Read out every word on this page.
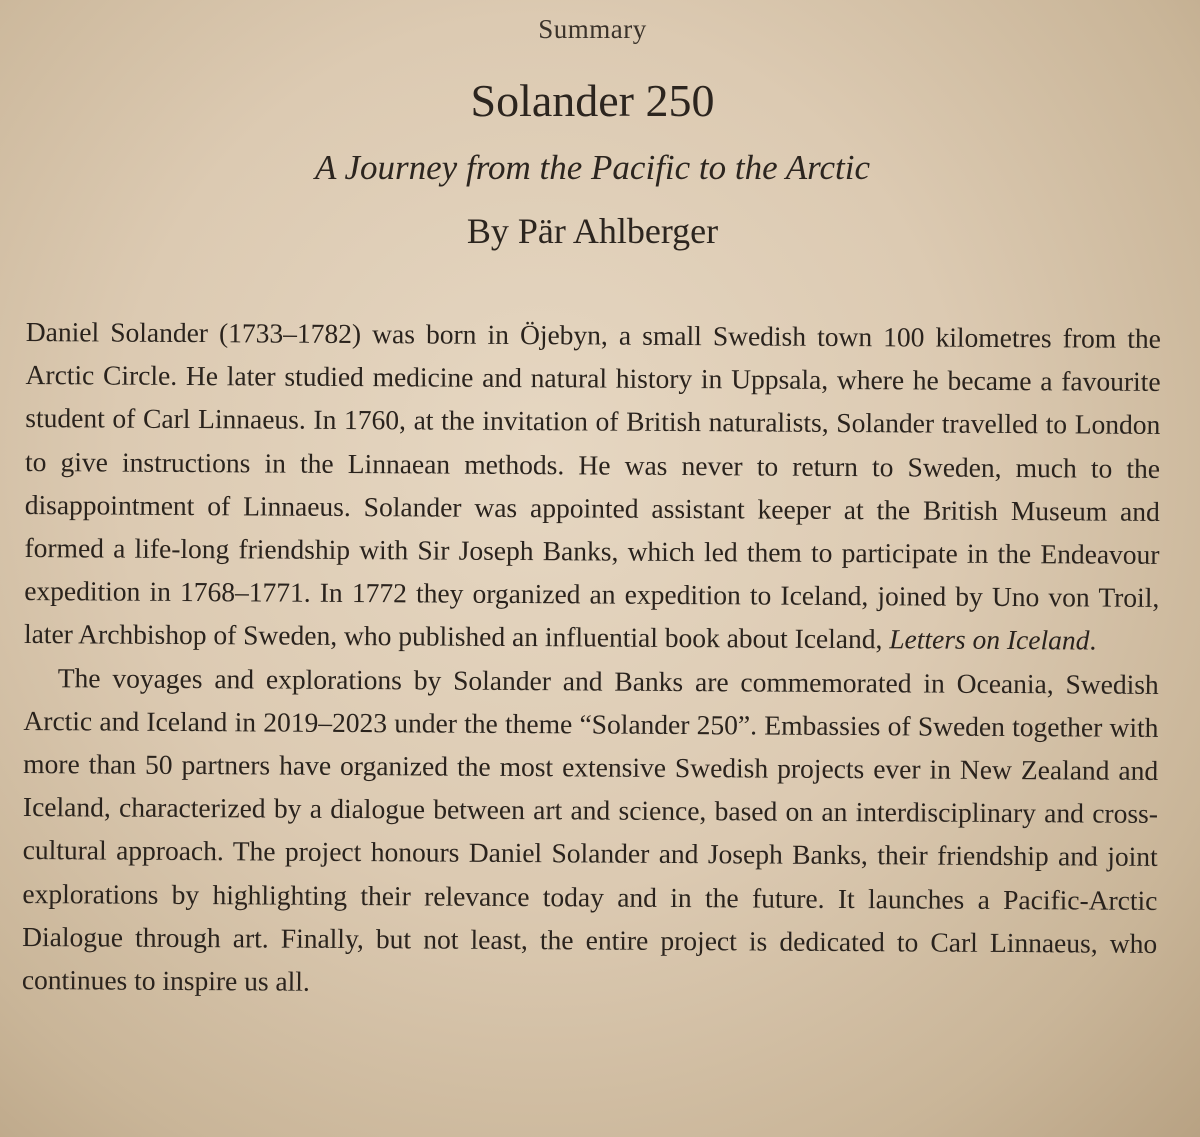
Summary
Solander 250
A Journey from the Pacific to the Arctic
By Pär Ahlberger

Daniel Solander (1733–1782) was born in Öjebyn, a small Swedish town 100 kilometres from the Arctic Circle. He later studied medicine and natural history in Uppsala, where he became a favourite student of Carl Linnaeus. In 1760, at the invitation of British naturalists, Solander travelled to London to give instructions in the Linnaean methods. He was never to return to Sweden, much to the disappointment of Linnaeus. Solander was appointed assistant keeper at the British Museum and formed a life-long friendship with Sir Joseph Banks, which led them to participate in the Endeavour expedition in 1768–1771. In 1772 they organized an expedition to Iceland, joined by Uno von Troil, later Archbishop of Sweden, who published an influential book about Iceland, Letters on Iceland.

The voyages and explorations by Solander and Banks are commemorated in Oceania, Swedish Arctic and Iceland in 2019–2023 under the theme “Solander 250”. Embassies of Sweden together with more than 50 partners have organized the most extensive Swedish projects ever in New Zealand and Iceland, characterized by a dialogue between art and science, based on an interdisciplinary and cross-cultural approach. The project honours Daniel Solander and Joseph Banks, their friendship and joint explorations by highlighting their relevance today and in the future. It launches a Pacific-Arctic Dialogue through art. Finally, but not least, the entire project is dedicated to Carl Linnaeus, who continues to inspire us all.
